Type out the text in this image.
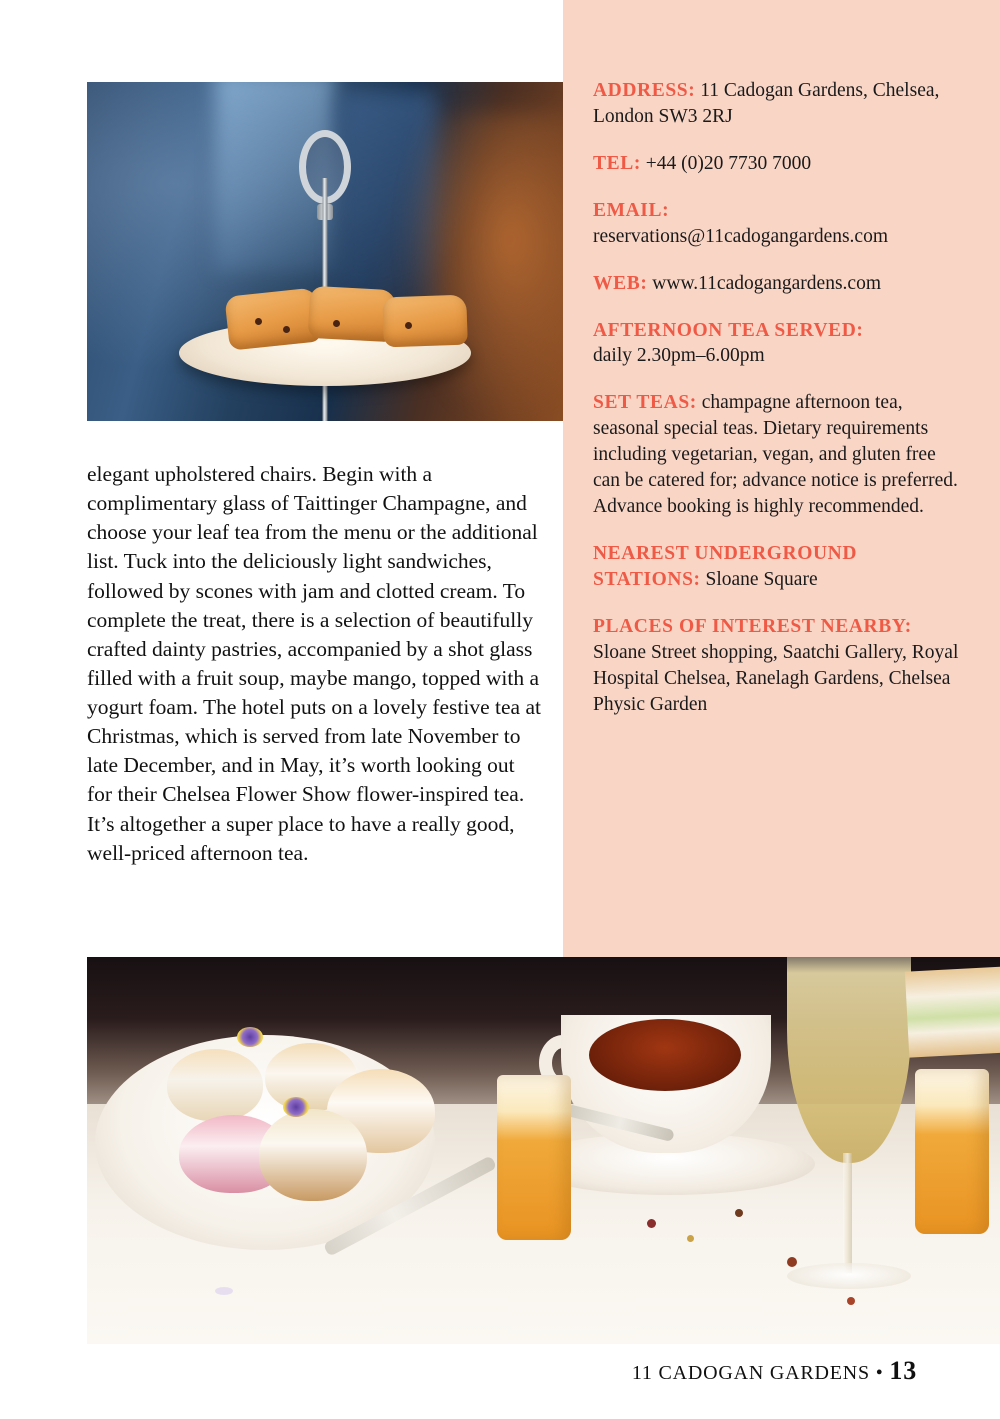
elegant upholstered chairs. Begin with a complimentary glass of Taittinger Champagne, and choose your leaf tea from the menu or the additional list. Tuck into the deliciously light sandwiches, followed by scones with jam and clotted cream. To complete the treat, there is a selection of beautifully crafted dainty pastries, accompanied by a shot glass filled with a fruit soup, maybe mango, topped with a yogurt foam. The hotel puts on a lovely festive tea at Christmas, which is served from late November to late December, and in May, it’s worth looking out for their Chelsea Flower Show flower-inspired tea. It’s altogether a super place to have a really good, well-priced afternoon tea.

ADDRESS: 11 Cadogan Gardens, Chelsea, London SW3 2RJ

TEL: +44 (0)20 7730 7000

EMAIL:
reservations@11cadogangardens.com

WEB: www.11cadogangardens.com

AFTERNOON TEA SERVED:
daily 2.30pm–6.00pm

SET TEAS: champagne afternoon tea, seasonal special teas. Dietary requirements including vegetarian, vegan, and gluten free can be catered for; advance notice is preferred. Advance booking is highly recommended.

NEAREST UNDERGROUND STATIONS: Sloane Square

PLACES OF INTEREST NEARBY: Sloane Street shopping, Saatchi Gallery, Royal Hospital Chelsea, Ranelagh Gardens, Chelsea Physic Garden

11 CADOGAN GARDENS • 13
